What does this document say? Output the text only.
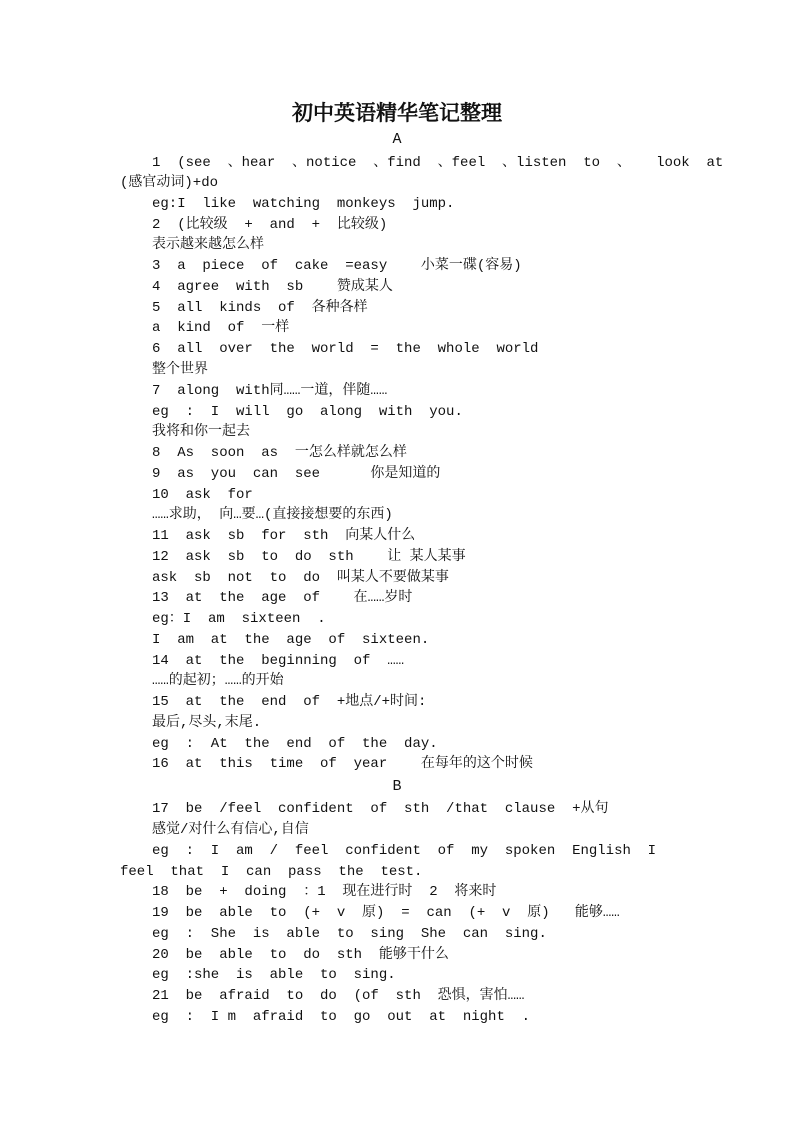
初中英语精华笔记整理
A
1  (see  、hear  、notice  、find  、feel  、listen  to  、   look  at
(感官动词)+do
eg:I  like  watching  monkeys  jump.
2  (比较级  +  and  +  比较级)
表示越来越怎么样
3  a  piece  of  cake  =easy    小菜一碟(容易)
4  agree  with  sb    赞成某人
5  all  kinds  of  各种各样
a  kind  of  一样
6  all  over  the  world  =  the  whole  world
整个世界
7  along  with同……一道，伴随……
eg  :  I  will  go  along  with  you.
我将和你一起去
8  As  soon  as  一怎么样就怎么样
9  as  you  can  see      你是知道的
10  ask  for
……求助， 向…要…(直接接想要的东西)
11  ask  sb  for  sth  向某人什么
12  ask  sb  to  do  sth    让 某人某事
ask  sb  not  to  do  叫某人不要做某事
13  at  the  age  of    在……岁时
eg：I  am  sixteen  .
I  am  at  the  age  of  sixteen.
14  at  the  beginning  of  ……
……的起初；……的开始
15  at  the  end  of  +地点/+时间:
最后,尽头,末尾.
eg  :  At  the  end  of  the  day.
16  at  this  time  of  year    在每年的这个时候
B
17  be  /feel  confident  of  sth  /that  clause  +从句
感觉/对什么有信心,自信
eg  :  I  am  /  feel  confident  of  my  spoken  English  I
feel  that  I  can  pass  the  test.
18  be  +  doing  ：1  现在进行时  2  将来时
19  be  able  to  (+  v  原)  =  can  (+  v  原)   能够……
eg  :  She  is  able  to  sing  She  can  sing.
20  be  able  to  do  sth  能够干什么
eg  :she  is  able  to  sing.
21  be  afraid  to  do  (of  sth  恐惧，害怕……
eg  :  I m  afraid  to  go  out  at  night  .
